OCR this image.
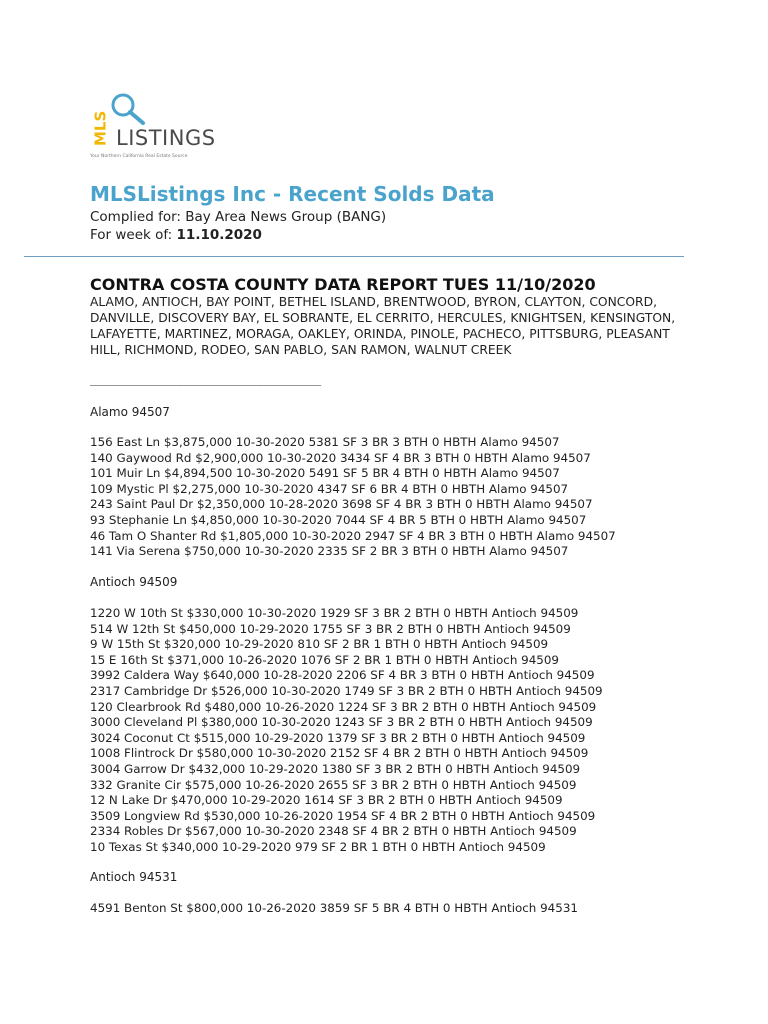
MLS LISTINGS
Your Northern California Real Estate Source
MLSListings Inc - Recent Solds Data
Complied for: Bay Area News Group (BANG)
For week of: 11.10.2020
CONTRA COSTA COUNTY DATA REPORT TUES 11/10/2020
ALAMO, ANTIOCH, BAY POINT, BETHEL ISLAND, BRENTWOOD, BYRON, CLAYTON, CONCORD, DANVILLE, DISCOVERY BAY, EL SOBRANTE, EL CERRITO, HERCULES, KNIGHTSEN, KENSINGTON, LAFAYETTE, MARTINEZ, MORAGA, OAKLEY, ORINDA, PINOLE, PACHECO, PITTSBURG, PLEASANT HILL, RICHMOND, RODEO, SAN PABLO, SAN RAMON, WALNUT CREEK
________________________________
Alamo 94507
156 East Ln $3,875,000 10-30-2020 5381 SF 3 BR 3 BTH 0 HBTH Alamo 94507
140 Gaywood Rd $2,900,000 10-30-2020 3434 SF 4 BR 3 BTH 0 HBTH Alamo 94507
101 Muir Ln $4,894,500 10-30-2020 5491 SF 5 BR 4 BTH 0 HBTH Alamo 94507
109 Mystic Pl $2,275,000 10-30-2020 4347 SF 6 BR 4 BTH 0 HBTH Alamo 94507
243 Saint Paul Dr $2,350,000 10-28-2020 3698 SF 4 BR 3 BTH 0 HBTH Alamo 94507
93 Stephanie Ln $4,850,000 10-30-2020 7044 SF 4 BR 5 BTH 0 HBTH Alamo 94507
46 Tam O Shanter Rd $1,805,000 10-30-2020 2947 SF 4 BR 3 BTH 0 HBTH Alamo 94507
141 Via Serena $750,000 10-30-2020 2335 SF 2 BR 3 BTH 0 HBTH Alamo 94507
Antioch 94509
1220 W 10th St $330,000 10-30-2020 1929 SF 3 BR 2 BTH 0 HBTH Antioch 94509
514 W 12th St $450,000 10-29-2020 1755 SF 3 BR 2 BTH 0 HBTH Antioch 94509
9 W 15th St $320,000 10-29-2020 810 SF 2 BR 1 BTH 0 HBTH Antioch 94509
15 E 16th St $371,000 10-26-2020 1076 SF 2 BR 1 BTH 0 HBTH Antioch 94509
3992 Caldera Way $640,000 10-28-2020 2206 SF 4 BR 3 BTH 0 HBTH Antioch 94509
2317 Cambridge Dr $526,000 10-30-2020 1749 SF 3 BR 2 BTH 0 HBTH Antioch 94509
120 Clearbrook Rd $480,000 10-26-2020 1224 SF 3 BR 2 BTH 0 HBTH Antioch 94509
3000 Cleveland Pl $380,000 10-30-2020 1243 SF 3 BR 2 BTH 0 HBTH Antioch 94509
3024 Coconut Ct $515,000 10-29-2020 1379 SF 3 BR 2 BTH 0 HBTH Antioch 94509
1008 Flintrock Dr $580,000 10-30-2020 2152 SF 4 BR 2 BTH 0 HBTH Antioch 94509
3004 Garrow Dr $432,000 10-29-2020 1380 SF 3 BR 2 BTH 0 HBTH Antioch 94509
332 Granite Cir $575,000 10-26-2020 2655 SF 3 BR 2 BTH 0 HBTH Antioch 94509
12 N Lake Dr $470,000 10-29-2020 1614 SF 3 BR 2 BTH 0 HBTH Antioch 94509
3509 Longview Rd $530,000 10-26-2020 1954 SF 4 BR 2 BTH 0 HBTH Antioch 94509
2334 Robles Dr $567,000 10-30-2020 2348 SF 4 BR 2 BTH 0 HBTH Antioch 94509
10 Texas St $340,000 10-29-2020 979 SF 2 BR 1 BTH 0 HBTH Antioch 94509
Antioch 94531
4591 Benton St $800,000 10-26-2020 3859 SF 5 BR 4 BTH 0 HBTH Antioch 94531
